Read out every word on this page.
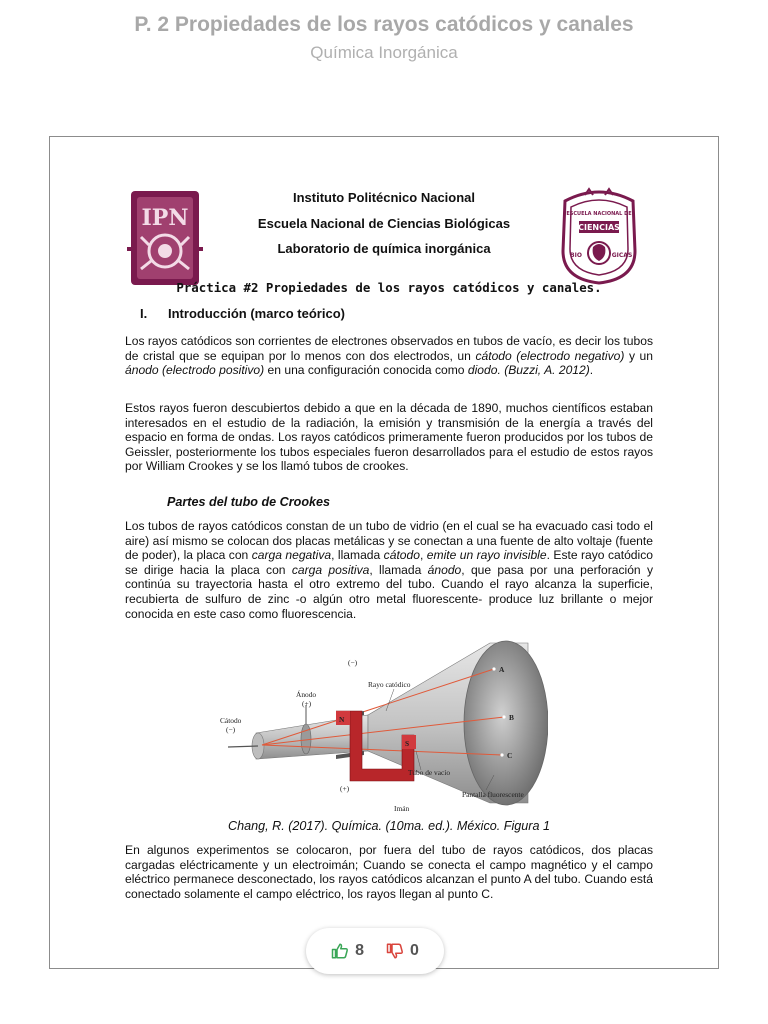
P. 2 Propiedades de los rayos catódicos y canales
Química Inorgánica
IPN
Instituto Politécnico Nacional
Escuela Nacional de Ciencias Biológicas
Laboratorio de química inorgánica
CIENCIAS
ESCUELA NACIONAL DE
BIO	GICAS
Práctica #2 Propiedades de los rayos catódicos y canales.
I. Introducción (marco teórico)

Los rayos catódicos son corrientes de electrones observados en tubos de vacío, es decir los tubos de cristal que se equipan por lo menos con dos electrodos, un cátodo (electrodo negativo) y un ánodo (electrodo positivo) en una configuración conocida como diodo. (Buzzi, A. 2012).

Estos rayos fueron descubiertos debido a que en la década de 1890, muchos científicos estaban interesados en el estudio de la radiación, la emisión y transmisión de la energía a través del espacio en forma de ondas. Los rayos catódicos primeramente fueron producidos por los tubos de Geissler, posteriormente los tubos especiales fueron desarrollados para el estudio de estos rayos por William Crookes y se los llamó tubos de crookes.

Partes del tubo de Crookes

Los tubos de rayos catódicos constan de un tubo de vidrio (en el cual se ha evacuado casi todo el aire) así mismo se colocan dos placas metálicas y se conectan a una fuente de alto voltaje (fuente de poder), la placa con carga negativa, llamada cátodo, emite un rayo invisible. Este rayo catódico se dirige hacia la placa con carga positiva, llamada ánodo, que pasa por una perforación y continúa su trayectoria hasta el otro extremo del tubo. Cuando el rayo alcanza la superficie, recubierta de sulfuro de zinc -o algún otro metal fluorescente- produce luz brillante o mejor conocida en este caso como fluorescencia.

N
S
A
B
C
Cátodo
(−)
Ánodo
(+)
Rayo catódico
(−)
(+)
Tubo de vacío
Imán
Pantalla fluorescente
Chang, R. (2017). Química. (10ma. ed.). México. Figura 1

En algunos experimentos se colocaron, por fuera del tubo de rayos catódicos, dos placas cargadas eléctricamente y un electroimán; Cuando se conecta el campo magnético y el campo eléctrico permanece desconectado, los rayos catódicos alcanzan el punto A del tubo. Cuando está conectado solamente el campo eléctrico, los rayos llegan al punto C.

8	0
